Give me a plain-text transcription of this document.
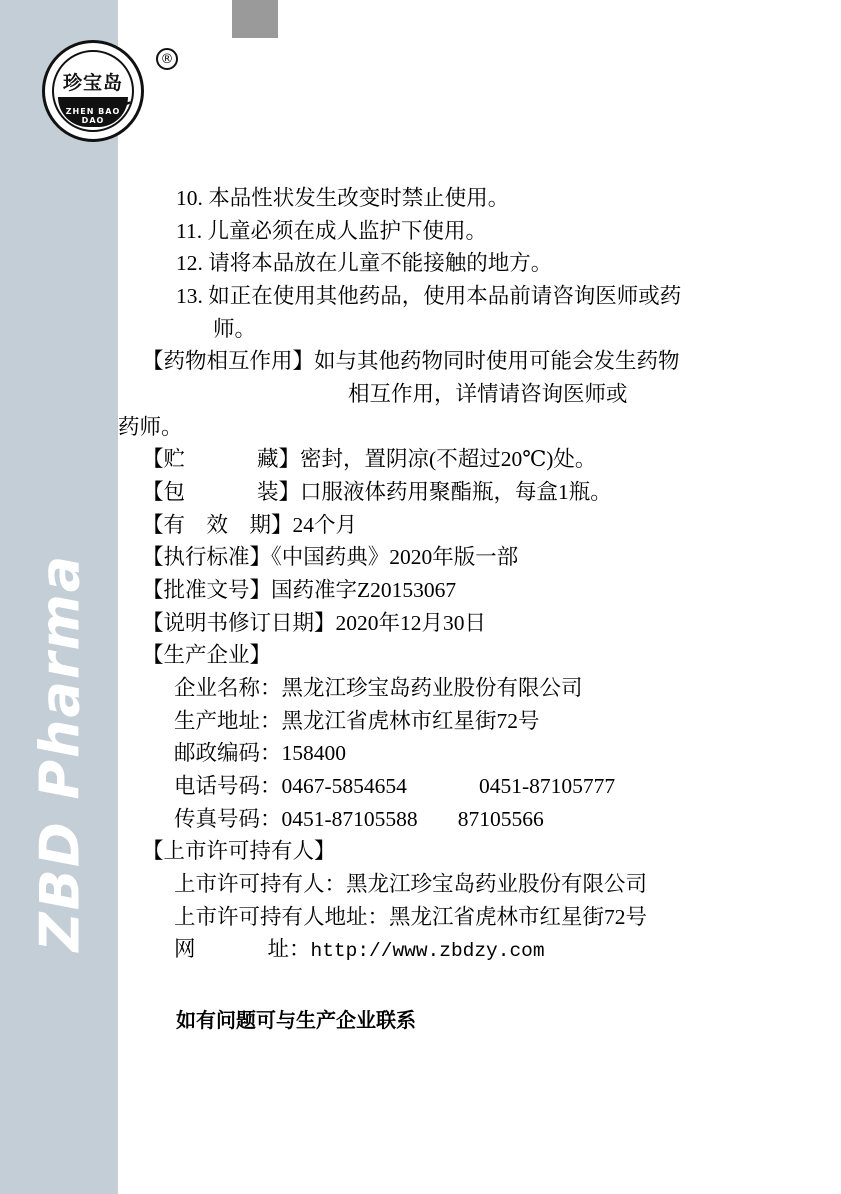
ZBD Pharma
珍宝岛
ZHEN BAO DAO
®
10. 本品性状发生改变时禁止使用。
11. 儿童必须在成人监护下使用。
12. 请将本品放在儿童不能接触的地方。
13. 如正在使用其他药品，使用本品前请咨询医师或药
师。
【药物相互作用】如与其他药物同时使用可能会发生药物
相互作用，详情请咨询医师或
药师。
【贮	藏】密封，置阴凉(不超过20℃)处。
【包	装】口服液体药用聚酯瓶，每盒1瓶。
【有　效　期】24个月
【执行标准】《中国药典》2020年版一部
【批准文号】国药准字Z20153067
【说明书修订日期】2020年12月30日
【生产企业】
企业名称：黑龙江珍宝岛药业股份有限公司
生产地址：黑龙江省虎林市红星街72号
邮政编码：158400
电话号码：0467-5854654	0451-87105777
传真号码：0451-87105588 87105566
【上市许可持有人】
上市许可持有人：黑龙江珍宝岛药业股份有限公司
上市许可持有人地址：黑龙江省虎林市红星街72号
网	址：http://www.zbdzy.com
如有问题可与生产企业联系
